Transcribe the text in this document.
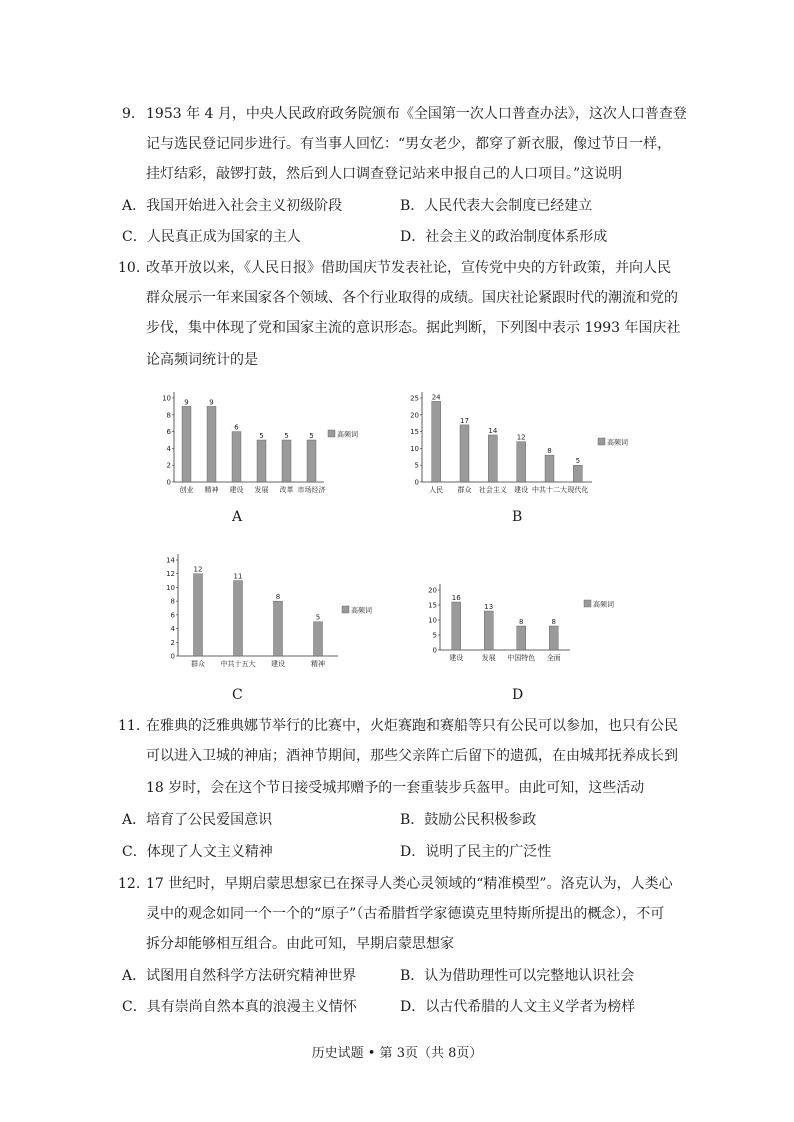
9. 1953 年 4 月，中央人民政府政务院颁布《全国第一次人口普查办法》，这次人口普查登
记与选民登记同步进行。有当事人回忆：“男女老少，都穿了新衣服，像过节日一样，
挂灯结彩，敲锣打鼓，然后到人口调查登记站来申报自己的人口项目。”这说明
A．我国开始进入社会主义初级阶段	B．人民代表大会制度已经建立
C．人民真正成为国家的主人	D．社会主义的政治制度体系形成
10. 改革开放以来，《人民日报》借助国庆节发表社论，宣传党中央的方针政策，并向人民
群众展示一年来国家各个领域、各个行业取得的成绩。国庆社论紧跟时代的潮流和党的
步伐，集中体现了党和国家主流的意识形态。据此判断，下列图中表示 1993 年国庆社
论高频词统计的是
0
2
4
6
8
10 9
创业
9
精神
6
建设
5
发展
5
改革
5
市场经济
高频词
A
0
5
10
15
20
25 24
人民
17
群众
14
社会主义
12
建设
8
中共十二大
5
现代化
高频词
B
0
2
4
6
8
10
12
14
12
群众
11
中共十五大
8
建设
5
精神
高频词
C
0
5
10
15
20
16
建设
13
发展
8
中国特色
8
全面
高频词
D
11. 在雅典的泛雅典娜节举行的比赛中，火炬赛跑和赛船等只有公民可以参加，也只有公民
可以进入卫城的神庙；酒神节期间，那些父亲阵亡后留下的遗孤，在由城邦抚养成长到
18 岁时，会在这个节日接受城邦赠予的一套重装步兵盔甲。由此可知，这些活动
A．培育了公民爱国意识	B．鼓励公民积极参政
C．体现了人文主义精神	D．说明了民主的广泛性
12. 17 世纪时，早期启蒙思想家已在探寻人类心灵领域的“精准模型”。洛克认为，人类心
灵中的观念如同一个一个的“原子”（古希腊哲学家德谟克里特斯所提出的概念），不可
拆分却能够相互组合。由此可知，早期启蒙思想家
A．试图用自然科学方法研究精神世界	B．认为借助理性可以完整地认识社会
C．具有崇尚自然本真的浪漫主义情怀	D．以古代希腊的人文主义学者为榜样
历史试题 • 第 3页（共 8页）
